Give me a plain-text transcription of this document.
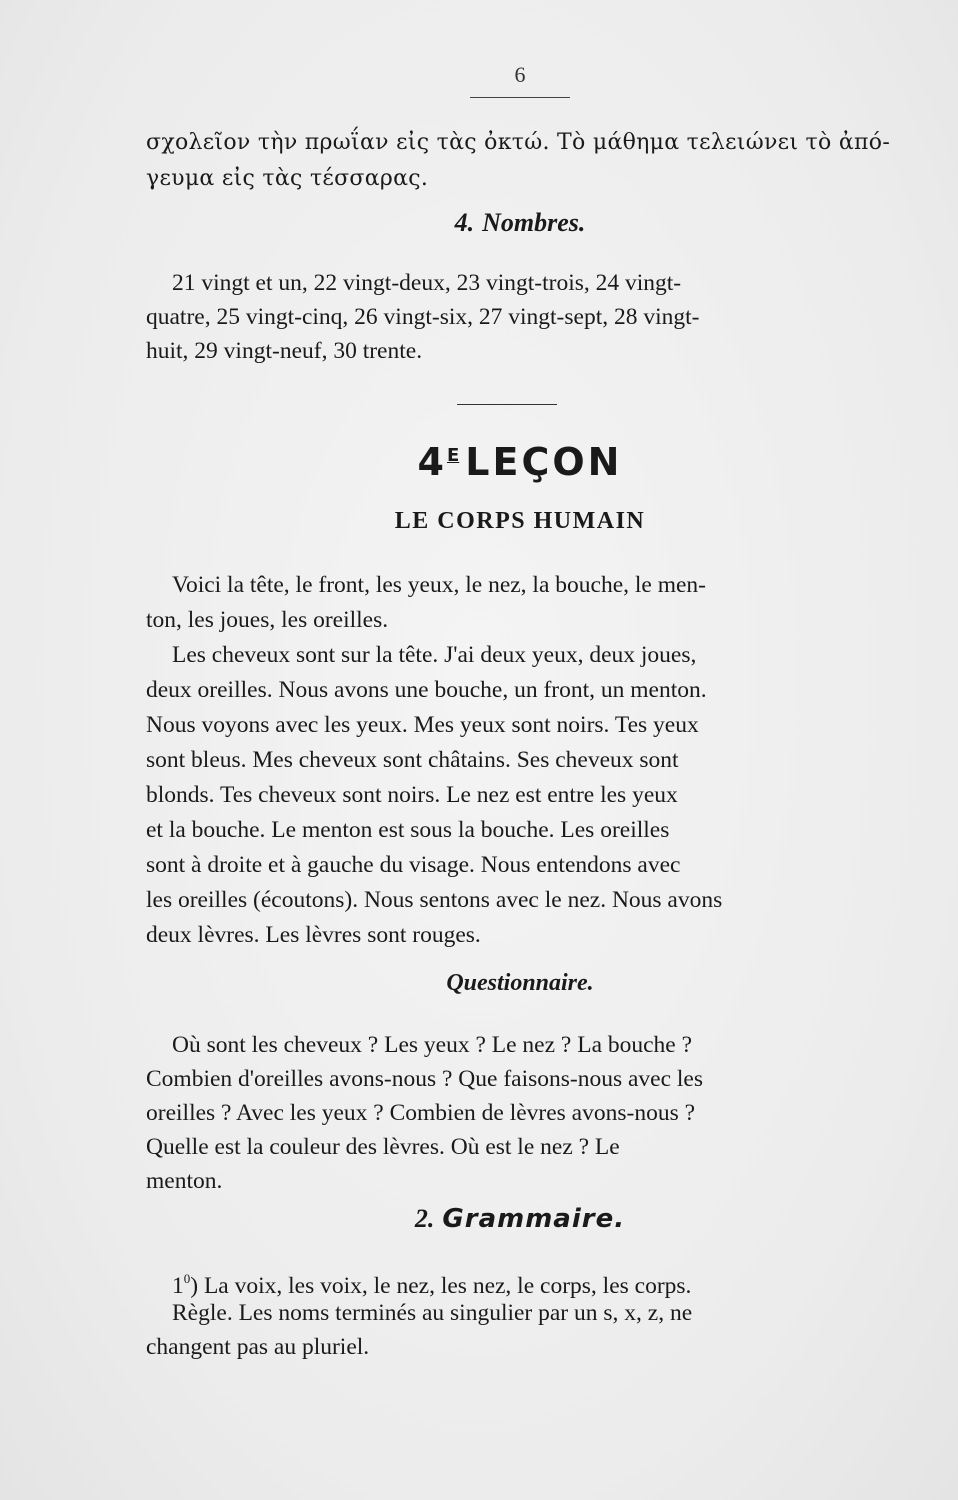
6

σχολεῖον τὴν πρωΐαν εἰς τὰς ὀκτώ. Τὸ μάθημα τελειώνει τὸ ἀπό-

γευμα εἰς τὰς τέσσαρας.

4. Nombres.

21 vingt et un, 22 vingt-deux, 23 vingt-trois, 24 vingt-

quatre, 25 vingt-cinq, 26 vingt-six, 27 vingt-sept, 28 vingt-

huit, 29 vingt-neuf, 30 trente.

$4^E$ LEÇON
LE CORPS HUMAIN

Voici la tête, le front, les yeux, le nez, la bouche, le men-

ton, les joues, les oreilles.

Les cheveux sont sur la tête. J'ai deux yeux, deux joues,

deux oreilles. Nous avons une bouche, un front, un menton.

Nous voyons avec les yeux. Mes yeux sont noirs. Tes yeux

sont bleus. Mes cheveux sont châtains. Ses cheveux sont

blonds. Tes cheveux sont noirs. Le nez est entre les yeux

et la bouche. Le menton est sous la bouche. Les oreilles

sont à droite et à gauche du visage. Nous entendons avec

les oreilles (écoutons). Nous sentons avec le nez. Nous avons

deux lèvres. Les lèvres sont rouges.

Questionnaire.

Où sont les cheveux ? Les yeux ? Le nez ? La bouche ?

Combien d'oreilles avons-nous ? Que faisons-nous avec les

oreilles ? Avec les yeux ? Combien de lèvres avons-nous ?

Quelle est la couleur des lèvres. Où est le nez ? Le

menton.

2. Grammaire.

$1^0$) La voix, les voix, le nez, les nez, le corps, les corps.

Règle. Les noms terminés au singulier par un s, x, z, ne

changent pas au pluriel.
